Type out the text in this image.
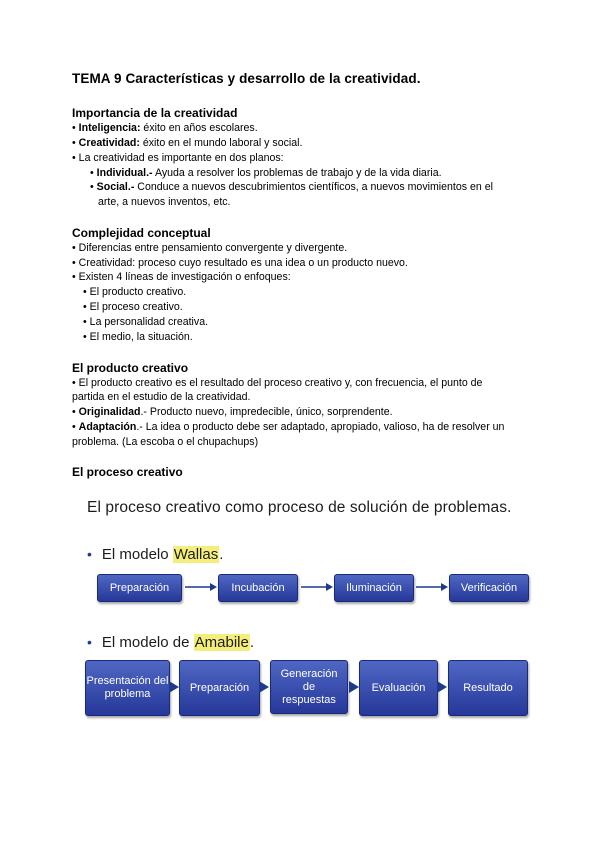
TEMA 9 Características y desarrollo de la creatividad.
Importancia de la creatividad
• Inteligencia: éxito en años escolares.
• Creatividad: éxito en el mundo laboral y social.
• La creatividad es importante en dos planos:
• Individual.- Ayuda a resolver los problemas de trabajo y de la vida diaria.
• Social.- Conduce a nuevos descubrimientos científicos, a nuevos movimientos en el
arte, a nuevos inventos, etc.
Complejidad conceptual
• Diferencias entre pensamiento convergente y divergente.
• Creatividad: proceso cuyo resultado es una idea o un producto nuevo.
• Existen 4 líneas de investigación o enfoques:
• El producto creativo.
• El proceso creativo.
• La personalidad creativa.
• El medio, la situación.
El producto creativo
• El producto creativo es el resultado del proceso creativo y, con frecuencia, el punto de
partida en el estudio de la creatividad.
• Originalidad.- Producto nuevo, impredecible, único, sorprendente.
• Adaptación.- La idea o producto debe ser adaptado, apropiado, valioso, ha de resolver un
problema. (La escoba o el chupachups)
El proceso creativo
El proceso creativo como proceso de solución de problemas.
• El modelo Wallas.
Preparación	Incubación	Iluminación	Verificación
• El modelo de Amabile.
Presentación del problema
Preparación
Generación de respuestas
Evaluación	Resultado
